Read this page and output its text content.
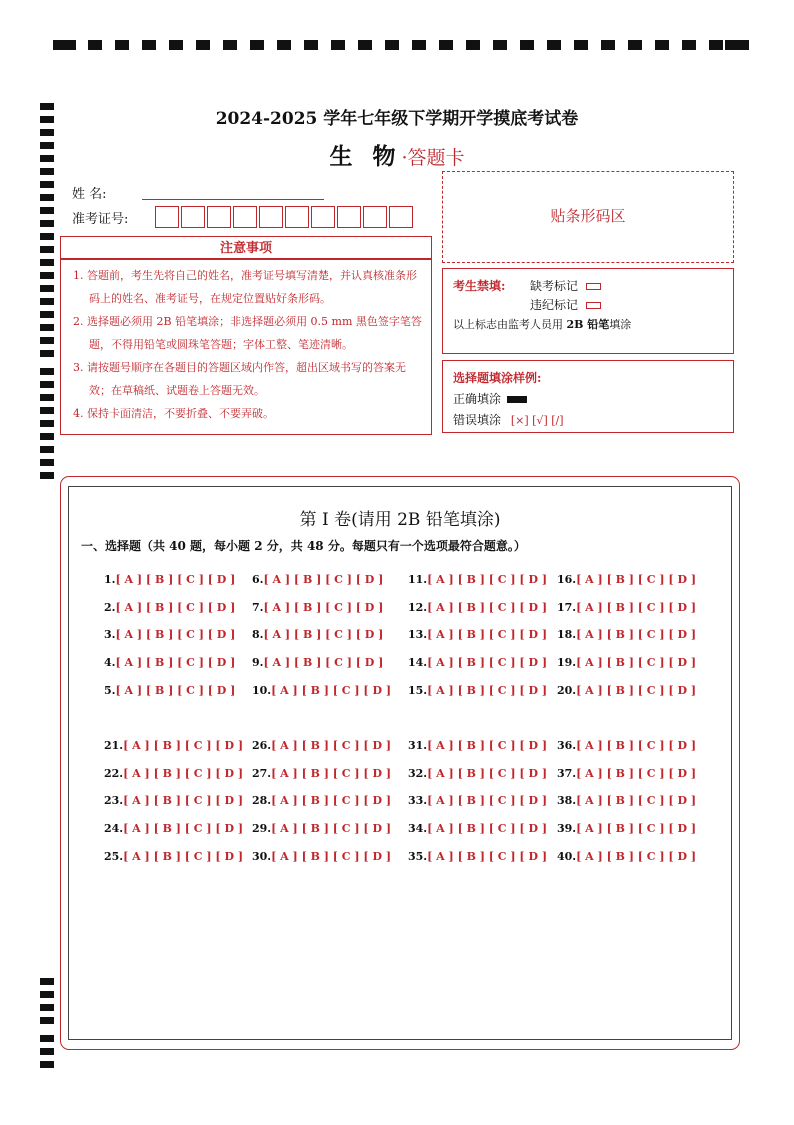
2024-2025 学年七年级下学期开学摸底考试卷
生 物·答题卡
姓 名:
准考证号:
注意事项

1. 答题前，考生先将自己的姓名，准考证号填写清楚，并认真核准条形码上的姓名、准考证号，在规定位置贴好条形码。

2. 选择题必须用 2B 铅笔填涂；非选择题必须用 0.5 mm 黑色签字笔答题，不得用铅笔或圆珠笔答题；字体工整、笔迹清晰。

3. 请按题号顺序在各题目的答题区域内作答，超出区域书写的答案无效；在草稿纸、试题卷上答题无效。

4. 保持卡面清洁，不要折叠、不要弄破。

贴条形码区
考生禁填: 缺考标记
违纪标记
以上标志由监考人员用 2B 铅笔填涂
选择题填涂样例:
正确填涂
错误填涂 [×] [√] [/]
第 I 卷(请用 2B 铅笔填涂)
一、选择题（共 40 题，每小题 2 分，共 48 分。每题只有一个选项最符合题意。）
1.[ A ] [ B ] [ C ] [ D ]
2.[ A ] [ B ] [ C ] [ D ]
3.[ A ] [ B ] [ C ] [ D ]
4.[ A ] [ B ] [ C ] [ D ]
5.[ A ] [ B ] [ C ] [ D ]
6.[ A ] [ B ] [ C ] [ D ]
7.[ A ] [ B ] [ C ] [ D ]
8.[ A ] [ B ] [ C ] [ D ]
9.[ A ] [ B ] [ C ] [ D ]
10.[ A ] [ B ] [ C ] [ D ]
11.[ A ] [ B ] [ C ] [ D ]
12.[ A ] [ B ] [ C ] [ D ]
13.[ A ] [ B ] [ C ] [ D ]
14.[ A ] [ B ] [ C ] [ D ]
15.[ A ] [ B ] [ C ] [ D ]
16.[ A ] [ B ] [ C ] [ D ]
17.[ A ] [ B ] [ C ] [ D ]
18.[ A ] [ B ] [ C ] [ D ]
19.[ A ] [ B ] [ C ] [ D ]
20.[ A ] [ B ] [ C ] [ D ]
21.[ A ] [ B ] [ C ] [ D ]
22.[ A ] [ B ] [ C ] [ D ]
23.[ A ] [ B ] [ C ] [ D ]
24.[ A ] [ B ] [ C ] [ D ]
25.[ A ] [ B ] [ C ] [ D ]
26.[ A ] [ B ] [ C ] [ D ]
27.[ A ] [ B ] [ C ] [ D ]
28.[ A ] [ B ] [ C ] [ D ]
29.[ A ] [ B ] [ C ] [ D ]
30.[ A ] [ B ] [ C ] [ D ]
31.[ A ] [ B ] [ C ] [ D ]
32.[ A ] [ B ] [ C ] [ D ]
33.[ A ] [ B ] [ C ] [ D ]
34.[ A ] [ B ] [ C ] [ D ]
35.[ A ] [ B ] [ C ] [ D ]
36.[ A ] [ B ] [ C ] [ D ]
37.[ A ] [ B ] [ C ] [ D ]
38.[ A ] [ B ] [ C ] [ D ]
39.[ A ] [ B ] [ C ] [ D ]
40.[ A ] [ B ] [ C ] [ D ]
